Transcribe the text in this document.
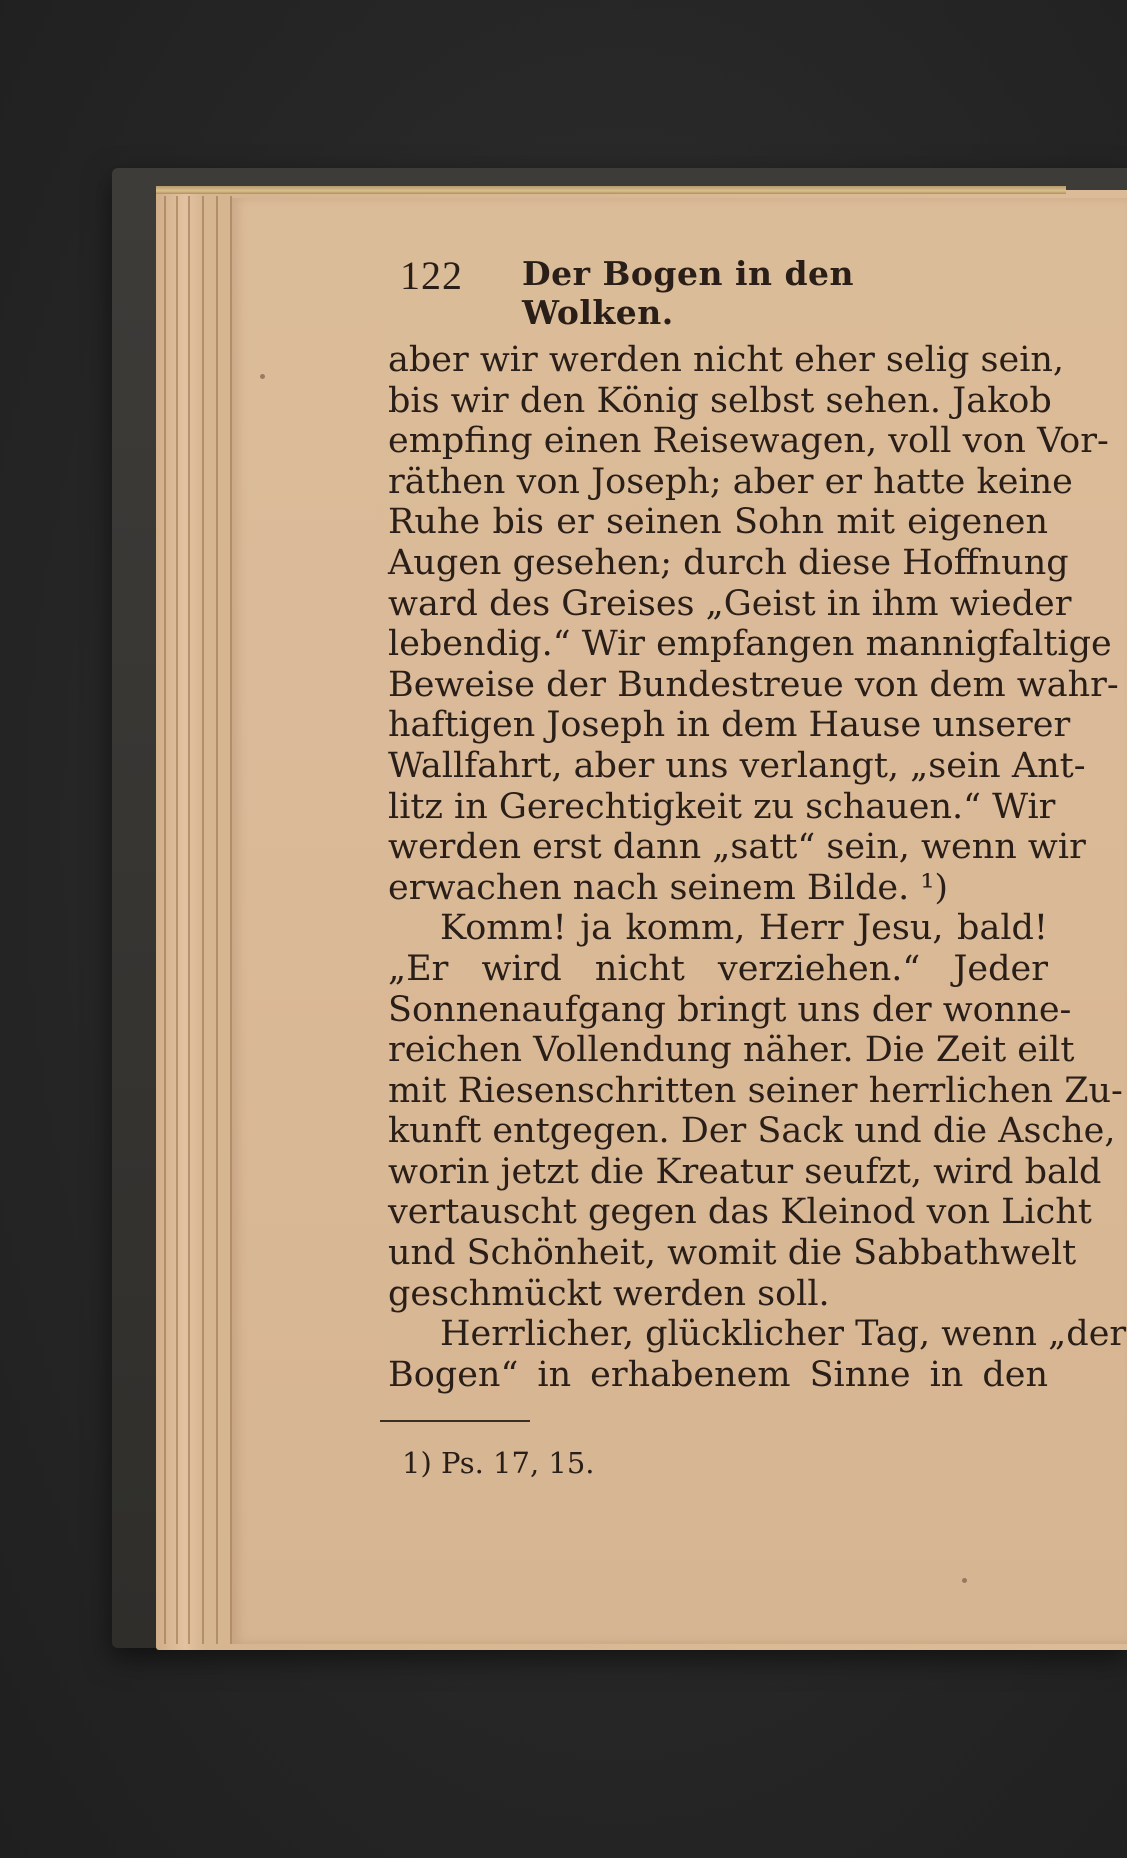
122 Der Bogen in den Wolken.
aber wir werden nicht eher selig sein,
bis wir den König selbst sehen. Jakob
empfing einen Reisewagen, voll von Vor-
räthen von Joseph; aber er hatte keine
Ruhe bis er seinen Sohn mit eigenen
Augen gesehen; durch diese Hoffnung
ward des Greises „Geist in ihm wieder
lebendig.“ Wir empfangen mannigfaltige
Beweise der Bundestreue von dem wahr-
haftigen Joseph in dem Hause unserer
Wallfahrt, aber uns verlangt, „sein Ant-
litz in Gerechtigkeit zu schauen.“ Wir
werden erst dann „satt“ sein, wenn wir
erwachen nach seinem Bilde. ¹)
Komm! ja komm, Herr Jesu, bald!
„Er wird nicht verziehen.“ Jeder
Sonnenaufgang bringt uns der wonne-
reichen Vollendung näher. Die Zeit eilt
mit Riesenschritten seiner herrlichen Zu-
kunft entgegen. Der Sack und die Asche,
worin jetzt die Kreatur seufzt, wird bald
vertauscht gegen das Kleinod von Licht
und Schönheit, womit die Sabbathwelt
geschmückt werden soll.
Herrlicher, glücklicher Tag, wenn „der
Bogen“ in erhabenem Sinne in den
1) Ps. 17, 15.
